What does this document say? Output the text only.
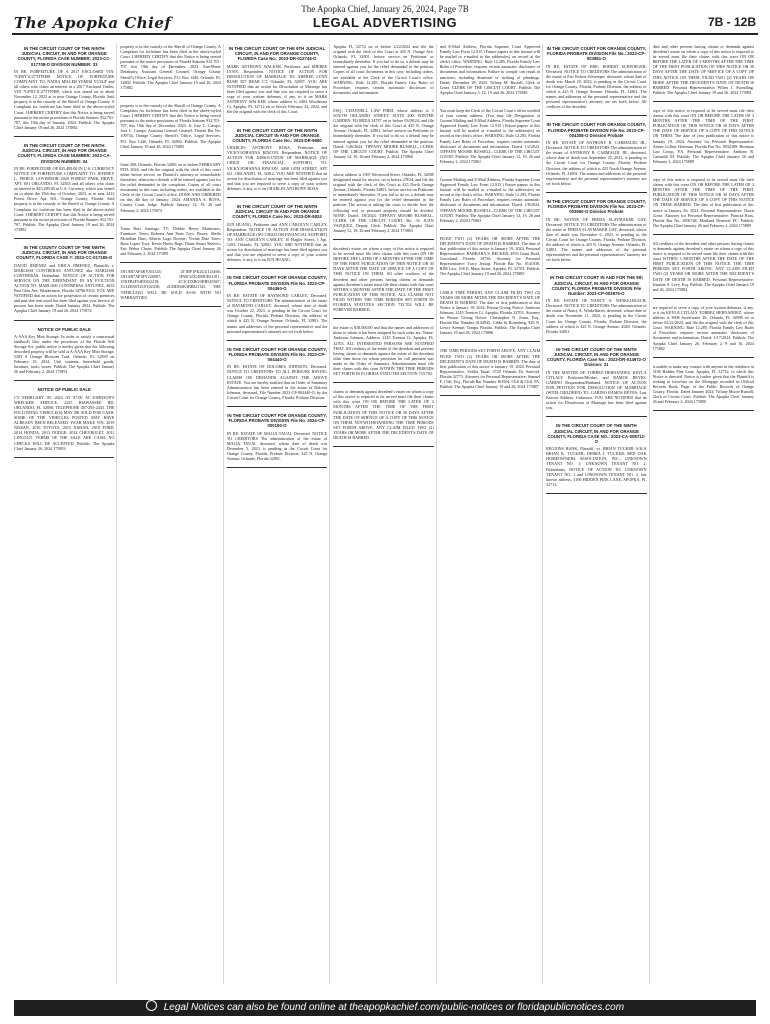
The Apopka Chief, January 26, 2024, Page 7B
The Apopka Chief	LEGAL ADVERTISING	7B - 12B
IN THE CIRCUIT COURT OF THE NINTH JUDICIAL CIRCUIT, IN AND FOR ORANGE COUNTY, FLORIDA CASE NUMBER: 2023-CC-017708-O DIVISION NUMBER: 33
IN RE: FORFEITURE OF A 2017 ENCLOSED VIN: 7GFBY1C27TTFH08 NOTICE OF FORFEITURE COMPLAINT TO: NADIA MILLER YEMISI YUSUF and all others who claim an interest in a 2017 Enclosed Trailer, VIN 7GFBY1C27TTFH08, which was seized on or about November 12, 2023 at or near Orange County, Florida. Said property is in the custody of the Sheriff of Orange County. A Complaint for forfeiture has been filed in the above-styled Court. I HEREBY CERTIFY that this Notice is being served pursuant to the notice provisions of Florida Statutes 932.701-707, this 19th day of January, 2024. Publish: The Apopka Chief January 19 and 26, 2024 175882
IN THE CIRCUIT COURT OF THE NINTH JUDICIAL CIRCUIT, IN AND FOR ORANGE COUNTY, FLORIDA CASE NUMBER: 2023-CA- DIVISION NUMBER: 34
IN RE: FORFEITURE OF $25,489.00 IN U.S. CURRENCY NOTICE OF FORFEITURE COMPLAINT TO: JEFFREY L. PIERCE GOVERNOR 2020 FOREST PARK DRIVE, APT. 601 ORLANDO, FL 32835 and all others who claim an interest in $25,489.00 in U.S. Currency, which was seized on or about the 19th day of October, 2023, at or near 2412 Forest Drive, Apt. 601, Orange County, Florida. Said property is in the custody of the Sheriff of Orange County. A Complaint for forfeiture has been filed in the above-styled Court. I HEREBY CERTIFY that this Notice is being served pursuant to the notice provisions of Florida Statutes 932.701-707. Publish: The Apopka Chief January 19 and 26, 2024 175883
IN THE COUNTY COURT OF THE NINTH JUDICIAL CIRCUIT, IN AND FOR ORANGE COUNTY, FLORIDA CASE #: 2023-CC-017185-O
DAVID JIMENEZ and ERICA JIMENEZ, Plaintiffs v. MARLISSI CONTRERAS ANTUNEZ aka MARLISSI CONTRERAS, Defendant. NOTICE OF ACTION FOR SERVICE ON THE DEFENDANT IN AN EVICTION ACTION TO: MARLISSI CONTRERAS ANTUNEZ, 4653 Pine Glen Ave, Windermere, Florida 34786-8102. YOU ARE NOTIFIED that an action for possession of certain premises and past-due rent owed has been filed against you. Service of process has been made. Dated January 2024. Publish: The Apopka Chief January 19 and 26, 2024 175874
NOTICE OF PUBLIC SALE
A-AAA Key Mini Storage. In order to satisfy a contractual landlord's lien, under the provisions of the Florida Self Storage Act, public notice is hereby given that the following described property will be sold at A-AAA Key Mini Storage, 5285 S Orange Blossom Trail, Orlando, FL 32839 on February 15, 2024. Unit contents: household goods, furniture, tools, boxes. Publish: The Apopka Chief January 26 and February 2, 2024 175891
NOTICE OF PUBLIC SALE
CY FEBRUARY 09, 2024 AT 07:00 AT JOHNSON'S WRECKER SERVICE, 2225 HIAWASSEE RD, ORLANDO, FL 32808, TELEPHONE 407-293-2443. THE FOLLOWING VEHICLE(S) MAY BE SOLD FOR CASH. SOME OF THE VEHICLES POSTED MAY HAVE ALREADY BEEN RELEASED. YEAR MAKE VIN: 2019 NISSAN, 2016 TOYOTA, 2015 NISSAN, 2018 FORD, 2014 HONDA, 2013 DODGE, 2012 CHEVROLET, 2011 LINCOLN. TERMS OF THE SALE ARE CASH. NO CHECKS WILL BE ACCEPTED. Publish: The Apopka Chief January 26, 2024 175893
property is in the custody of the Sheriff of Orange County. A Complaint for forfeiture has been filed in the above-styled Court. I HEREBY CERTIFY that this Notice is being served pursuant to the notice provisions of Florida Statutes 932.701-707, this 19th day of December, 2023. Ann-Marie Delahunty, Assistant General Counsel, Orange County Sheriff's Office, Legal Services, P.O. Box 1440, Orlando, FL 32802. Publish: The Apopka Chief January 19 and 26, 2024 175882
property is in the custody of the Sheriff of Orange County. A Complaint for forfeiture has been filed in the above-styled Court. I HEREBY CERTIFY that this Notice is being served pursuant to the notice provisions of Florida Statutes 932.701-707, this 19th day of December, 2023. Jr. Jose C. Campo, Jose C. Campo, Assistant General Counsel, Florida Bar No. 109734, Orange County Sheriff's Office, Legal Services, P.O. Box 1440, Orlando, FL 32802. Publish: The Apopka Chief January 19 and 26, 2024 175883
Suite 200, Orlando, Florida 32801 on or before FEBRUARY 8TH, 2024, and file the original with the clerk of this court either before service on Plaintiff's attorney or immediately thereafter; otherwise a default will be entered against you for the relief demanded in the complaint. Copies of all court documents in this case, including orders, are available at the Clerk of the Circuit Court's office. DONE AND ORDERED on this 4th day of January, 2024. AMANDA S. BOVA, County Court Judge. Publish: January 12, 19, 26 and February 2, 2024 175874
Tonia Ruiz Santiago TV; Debbie Reyes Mattresses, Furniture, Totes; Roberta Ann Penn Toys, Boxes; Sheila Mcmillan Bins; Alberto Lugo Dresser; Vivian Diaz Totes; Rosa Lopez Toys; Kevin Harris Bags; Diane Stuart Shelves; Eric Weber Chairs. Publish: The Apopka Chief January 26 and February 2, 2024 175891
3N1AB7AP4KY361345; 4T1BF1FK2GU123466; 3N1AB7AP3FY220087; 1FMCU0GD8JUB11011; 19XFB2F54EE022219; 2C3CDXBG9DH545567; 1G1ZB5ST2CF102338; 2LMDJ6JK3BBJ21143. THE VEHICLE(S) WILL BE SOLD AS-IS WITH NO WARRANTIES.
IN THE CIRCUIT COURT OF THE 9TH JUDICIAL CIRCUIT, IN AND FOR ORANGE COUNTY, FLORIDA Case No.: 2023-DR-012746-O
MARK ANTHONY WALKER, Petitioner, and SHEREE LYNN, Respondent. NOTICE OF ACTION FOR DISSOLUTION OF MARRIAGE TO: SHEREE LYNN BUSH 507 BEAR CT, Orlando, FL 32807. YOU ARE NOTIFIED that an action for Dissolution of Marriage has been filed against you and that you are required to serve a copy of your written defenses, if any, to it on MARK ANTHONY WALKER whose address is 2404 Woodstone Ct, Apopka, FL 32712 on or before February 22, 2024, and file the original with the clerk of this Court.
IN THE CIRCUIT COURT OF THE NINTH JUDICIAL CIRCUIT IN AND FOR ORANGE COUNTY, FLORIDA Case No.: 2023-DR-9680
CHARLES ANTHONY ROSA, Petitioner, and VICKY/JOHANNA RINCON, Respondent. NOTICE OF ACTION FOR DISSOLUTION OF MARRIAGE (NO CHILD OR FINANCIAL SUPPORT) TO: VICKY/JOHANNA RINCON, 3498 14TH STREET, APT 611, ORLANDO, FL 32812. YOU ARE NOTIFIED that an action for dissolution of marriage has been filed against you and that you are required to serve a copy of your written defenses, if any, to it on CHARLES ANTHONY ROSA.
IN THE CIRCUIT COURT OF THE NINTH JUDICIAL CIRCUIT IN AND FOR ORANGE COUNTY, FLORIDA Case No.: 2023-DR-5824
JUN HUANG, Petitioner and ANN CAROLYN CARLEY, Respondent. NOTICE OF ACTION FOR DISSOLUTION OF MARRIAGE (NO CHILD OR FINANCIAL SUPPORT) TO: ANN CAROLYN CARLEY, 10 Flagler Street, 1 Apt. 1203, Orlando, FL 32801. YOU ARE NOTIFIED that an action for dissolution of marriage has been filed against you and that you are required to serve a copy of your written defenses, if any, to it on JUN HUANG.
IN THE CIRCUIT COURT FOR ORANGE COUNTY, FLORIDA PROBATE DIVISION File No. 2023-CP-004460-O
IN RE: ESTATE OF RAYMOND CARLEY, Deceased. NOTICE TO CREDITORS The administration of the estate of RAYMOND CARLEY, deceased, whose date of death was October 22, 2023, is pending in the Circuit Court for Orange County, Florida, Probate Division, the address of which is 425 N. Orange Avenue, Orlando, FL 32801. The names and addresses of the personal representative and the personal representative's attorney are set forth below.
IN THE CIRCUIT COURT FOR ORANGE COUNTY, FLORIDA PROBATE DIVISION File No. 2023-CP-004440-O
IN RE: ESTATE OF DOLORES JOHNSON, Deceased. NOTICE TO CREDITORS TO ALL PERSONS HAVING CLAIMS OR DEMANDS AGAINST THE ABOVE ESTATE: You are hereby notified that an Order of Summary Administration has been entered in the estate of Dolores Johnson, deceased, File Number 2023-CP-004440-O, by the Circuit Court for Orange County, Florida, Probate Division.
IN THE CIRCUIT COURT FOR ORANGE COUNTY, FLORIDA PROBATE DIVISION File No. 2024-CP-000190-O
IN RE: ESTATE OF MALIA TAUAI, Deceased. NOTICE TO CREDITORS The administration of the estate of MALIA TAUAI, deceased, whose date of death was December 5, 2023, is pending in the Circuit Court for Orange County, Florida, Probate Division, 425 N. Orange Avenue, Orlando, Florida 32801.
Apopka FL 32712 on or before 2/22/2024 and file the original with the clerk of this Court at 425 N. Orange Ave, Orlando, FL 32801, before service on Petitioner or immediately thereafter. If you fail to do so, a default may be entered against you for the relief demanded in the petition. Copies of all court documents in this case, including orders, are available at the Clerk of the Circuit Court's office. WARNING: Rule 12.285, Florida Family Law Rules of Procedure, requires certain automatic disclosure of documents and information.
ESQ., CHANNELL LAW FIRM, whose address is 3 SOUTH ORLANDO STREET, SUITE 200, WINTER GARDEN, FLORIDA 34787 on or before 03/08/24, and file the original with the clerk of this Court at 425 N. Orange Avenue, Orlando, FL 32801, before service on Petitioner or immediately thereafter. If you fail to do so, a default may be entered against you for the relief demanded in the petition. Dated: 1/26/2024. TIFFANY MOORE RUSSELL, CLERK OF THE CIRCUIT COURT. Publish: The Apopka Chief January 12, 19, 26 and February 2, 2024 175860
whose address is 1907 Westwood Street, Orlando, FL 32808 designated email for service, on or before 2/8/24, and file the original with the clerk of this Court at 425 North Orange Avenue, Orlando, Florida 32801, before service on Petitioner or immediately thereafter. If you fail to do so, a default may be entered against you for the relief demanded in the petition. The action is asking the court to decide how the following real or personal property should be divided: NONE. Dated: 1/8/2024. TIFFANY MOORE RUSSELL, CLERK OF THE CIRCUIT COURT. By: /S/ JUAN VAZQUEZ, Deputy Clerk. Publish: The Apopka Chief January 12, 19, 26 and February 2, 2024 175863
decedent's estate, on whom a copy of this notice is required to be served must file their claims with this court ON OR BEFORE THE LATER OF 3 MONTHS AFTER THE TIME OF THE FIRST PUBLICATION OF THIS NOTICE OR 30 DAYS AFTER THE DATE OF SERVICE OF A COPY OF THIS NOTICE ON THEM. All other creditors of the decedent and other persons having claims or demands against decedent's estate must file their claims with this court WITHIN 3 MONTHS AFTER THE DATE OF THE FIRST PUBLICATION OF THIS NOTICE. ALL CLAIMS NOT FILED WITHIN THE TIME PERIODS SET FORTH IN FLORIDA STATUTES SECTION 733.702 WILL BE FOREVER BARRED.
the estate is $18,000.00 and that the names and addresses of those to whom it has been assigned by such order are: Name: Ambrose Johnson, Address: 2145 Trenton Ct, Apopka, FL 32703. ALL INTERESTED PERSONS ARE NOTIFIED THAT: All creditors of the estate of the decedent and persons having claims or demands against the estate of the decedent other than those for whom provision for full payment was made in the Order of Summary Administration must file their claims with this court WITHIN THE TIME PERIODS SET FORTH IN FLORIDA STATUTES SECTION 733.702.
claims or demands against decedent's estate on whom a copy of this notice is required to be served must file their claims with this court ON OR BEFORE THE LATER OF 3 MONTHS AFTER THE TIME OF THE FIRST PUBLICATION OF THIS NOTICE OR 30 DAYS AFTER THE DATE OF SERVICE OF A COPY OF THIS NOTICE ON THEM. NOTWITHSTANDING THE TIME PERIODS SET FORTH ABOVE, ANY CLAIM FILED TWO (2) YEARS OR MORE AFTER THE DECEDENT'S DATE OF DEATH IS BARRED.
and E-Mail Address, Florida Supreme Court Approved Family Law Form 12.915.) Future papers in this lawsuit will be mailed or e-mailed to the address(es) on record at the clerk's office. WARNING: Rule 12.285, Florida Family Law Rules of Procedure, requires certain automatic disclosure of documents and information. Failure to comply can result in sanctions, including dismissal or striking of pleadings. Dated: December 28, 2023. Tiffany M. Russell, Clerk of Court, CLERK OF THE CIRCUIT COURT. Publish: The Apopka Chief January 5, 12, 19 and 26, 2024 175846
You must keep the Clerk of the Circuit Court's office notified of your current address. (You may file Designation of Current Mailing and E-Mail Address, Florida Supreme Court Approved Family Law Form 12.915.) Future papers in this lawsuit will be mailed or e-mailed to the address(es) on record at the clerk's office. WARNING: Rule 12.285, Florida Family Law Rules of Procedure, requires certain automatic disclosure of documents and information. Dated: 1/2/2024. TIFFANY MOORE RUSSELL, CLERK OF THE CIRCUIT COURT. Publish: The Apopka Chief January 12, 19, 26 and February 2, 2024 175861
Current Mailing and E-Mail Address, Florida Supreme Court Approved Family Law Form 12.915.) Future papers in this lawsuit will be mailed or e-mailed to the address(es) on record at the clerk's office. WARNING: Rule 12.285, Florida Family Law Rules of Procedure, requires certain automatic disclosure of documents and information. Dated: 1/8/2024. TIFFANY MOORE RUSSELL, CLERK OF THE CIRCUIT COURT. Publish: The Apopka Chief January 12, 19, 26 and February 2, 2024 175863
FILED TWO (2) YEARS OR MORE AFTER THE DECEDENT'S DATE OF DEATH IS BARRED. The date of first publication of this notice is January 19, 2024. Personal Representative: BARBARA S. BECKER, 4953 Grant Road, Groveland, Florida 34736. Attorney for Personal Representative: Tracy Jessup, Florida Bar No. 0141038, BJM Law, 108 E. Main Street, Apopka, FL 32703. Publish: The Apopka Chief January 19 and 26, 2024 175885
CABLE TIME PERIOD, ANY CLAIM FILED TWO (2) YEARS OR MORE AFTER THE DECEDENT'S DATE OF DEATH IS BARRED. The date of first publication of this Notice is January 19, 2024. Person Giving Notice: Ambrose Johnson, 2145 Trenton Ct, Apopka, Florida 32703. Attorney for Person Giving Notice: Christopher N. Jones, Esq., Florida Bar Number 0144945, Gibbs & Rotenberg, 845 N. Lowry Avenue, Tampa, Florida. Publish: The Apopka Chief January 19 and 26, 2024 175886
THE TIME PERIODS SET FORTH ABOVE, ANY CLAIM FILED TWO (2) YEARS OR MORE AFTER THE DECEDENT'S DATE OF DEATH IS BARRED. The date of first publication of this notice is January 19, 2024. Personal Representative: Sefilia Tauai, 3720 Orlando Dr, Sanford, Florida 32773. Attorney for Personal Representative: Samuel F. Cliff, Esq., Florida Bar Number 163504, Cliff & Cliff, PA. Publish: The Apopka Chief January 19 and 26, 2024 175887
IN THE CIRCUIT COURT FOR ORANGE COUNTY, FLORIDA PROBATE DIVISION File No.: 2023-CP-003861-O
IN RE: ESTATE OF ERIC ROBERT SCHWIEGER, Deceased. NOTICE TO CREDITORS The administration of the estate of Eric Robert Schwieger, deceased, whose date of death was March 20, 2023, is pending in the Circuit Court for Orange County, Florida, Probate Division, the address of which is 425 N. Orange Avenue, Orlando, FL 32801. The names and addresses of the personal representative and the personal representative's attorney are set forth below. All creditors of the decedent
IN THE CIRCUIT COURT FOR ORANGE COUNTY, FLORIDA PROBATE DIVISION File No. 2023-CP-004308-O Division Probate
IN RE: ESTATE OF ANTHONY R. CARMALDI, JR., Deceased. NOTICE TO CREDITORS The administration of the estate of ANTHONY R. CARMALDI, JR., deceased, whose date of death was September 25, 2023, is pending in the Circuit Court for Orange County, Florida, Probate Division, the address of which is 425 North Orange Avenue, Orlando, FL 32801. The names and addresses of the personal representative and the personal representative's attorney are set forth below.
IN THE CIRCUIT COURT FOR ORANGE COUNTY, FLORIDA PROBATE DIVISION File No. 2023-CP-003950-O Division Probate
IN RE: ESTATE OF FREDA SLAYMAKER GAY, Deceased. NOTICE TO CREDITORS The administration of the estate of FREDA SLAYMAKER GAY, deceased, whose date of death was November 6, 2023, is pending in the Circuit Court for Orange County, Florida, Probate Division, the address of which is 425 N. Orange Avenue, Orlando, FL 32801. The names and addresses of the personal representatives and the personal representatives' attorney are set forth below.
IN THE CIRCUIT COURT IN AND FOR THE 9th JUDICIAL CIRCUIT, IN AND FOR ORANGE COUNTY, FLORIDA PROBATE DIVISION File Number: 2023-CP-003875-O
IN RE: ESTATE OF NANCY A. WINKELBLECH, Deceased. NOTICE TO CREDITORS The administration of the estate of Nancy A. Winkelblech, deceased, whose date of death was November 11, 2023, is pending in the Circuit Court for Orange County, Florida, Probate Division, the address of which is 425 N. Orange Avenue, #340, Orlando, Florida 32801.
IN THE CIRCUIT COURT OF THE NINTH JUDICIAL CIRCUIT, IN AND FOR ORANGE COUNTY, FLORIDA Case No.: 2023-DR-014972-O Division: 31
IN THE MATTER OF: TORREZ HERNANDEZ, KEYLA CITLALY Petitioner/Mother, and RAMOS REYES, GABINO Respondent/Husband. NOTICE OF ACTION FOR PETITION FOR DISSOLUTION OF MARRIAGE (WITH CHILDREN) TO: GABINO RAMOS REYES, Last Known Address: Unknown. YOU ARE NOTIFIED that an action for Dissolution of Marriage has been filed against you.
IN THE CIRCUIT COURT OF THE NINTH JUDICIAL CIRCUIT, IN AND FOR ORANGE COUNTY, FLORIDA CASE NO.: 2023-CA-008712-O
REGIONS BANK, Plaintiff, vs. BRIAN TUCKER A/K/A BRIAN K. TUCKER; DEBRA J. TUCKER; RED OAK HOMEOWNERS ASSOCIATION, INC.; UNKNOWN TENANT NO. 1; UNKNOWN TENANT NO. 2, Defendants. NOTICE OF ACTION TO: UNKNOWN TENANT NO. 1 and UNKNOWN TENANT NO. 2, last known address: 3106 HIDDEN PINE LANE, APOPKA, FL 32712.
dent and other persons having claims or demands against decedent's estate on whom a copy of this notice is required to be served must file their claims with this court ON OR BEFORE THE LATER OF 3 MONTHS AFTER THE TIME OF THE FIRST PUBLICATION OF THIS NOTICE OR 30 DAYS AFTER THE DATE OF SERVICE OF A COPY OF THIS NOTICE ON THEM. FILED TWO (2) YEARS OR MORE AFTER THE DECEDENT'S DATE OF DEATH IS BARRED. Personal Representative: Wiltes J. Swindling. Publish: The Apopka Chief January 19 and 26, 2024 175881
copy of this notice is required to be served must file their claims with this court ON OR BEFORE THE LATER OF 3 MONTHS AFTER THE TIME OF THE FIRST PUBLICATION OF THIS NOTICE OR 30 DAYS AFTER THE DATE OF SERVICE OF A COPY OF THIS NOTICE ON THEM. The date of first publication of this notice is January 19, 2024. Attorney for Personal Representative: Aimee Collins Hortman, Florida Bar No. 0032389, Hortman Law Group, P.A. Personal Representative: Anthony R. Carmaldi III. Publish: The Apopka Chief January 26 and February 2, 2024 175888
copy of this notice is required to be served must file their claims with this court ON OR BEFORE THE LATER OF 3 MONTHS AFTER THE TIME OF THE FIRST PUBLICATION OF THIS NOTICE OR 30 DAYS AFTER THE DATE OF SERVICE OF A COPY OF THIS NOTICE ON THEM. BARRED. The date of first publication of this notice is January 26, 2024. Personal Representative: Dawn Grose. Attorney for Personal Representative: Patricia Ross, Florida Bar No. 1006748, Maitland Renewal PC. Publish: The Apopka Chief January 26 and February 2, 2024 175889
All creditors of the decedent and other persons having claims or demands against decedent's estate on whom a copy of this notice is required to be served must file their claims with this court WITHIN 3 MONTHS AFTER THE DATE OF THE FIRST PUBLICATION OF THIS NOTICE. THE TIME PERIODS SET FORTH ABOVE, ANY CLAIM FILED TWO (2) YEARS OR MORE AFTER THE DECEDENT'S DATE OF DEATH IS BARRED. Personal Representative: Jennifer S. Levy, Esq. Publish: The Apopka Chief January 19 and 26, 2024 175884
are required to serve a copy of your written defenses, if any, to it on KEYLA CITLALY TORREZ HERNANDEZ, whose address is 3908 Sweetwater Dr, Orlando, FL 32808 on or before 02/22/2024, and file the original with the clerk of this Court. WARNING: Rule 12.285, Florida Family Law Rules of Procedure, requires certain automatic disclosure of documents and information. Dated: 1/17/2024. Publish: The Apopka Chief January 26, February 2, 9 and 16, 2024 175892
is unable to make any contact with anyone in the residence at 3106 Hidden Pine Lane, Apopka, FL 32712, to which this Notice is directed. Notice is further given that the Plaintiff is seeking to foreclose on the Mortgage recorded in Official Records Book, Page, of the Public Records of Orange County, Florida. Dated January 2024. Tiffany Moore Russell, Clerk of Circuit Court. Publish: The Apopka Chief January 26 and February 2, 2024 175890
Legal Notices can also be found online at theapopkachief.com/public-notices or floridapublicnotices.com
